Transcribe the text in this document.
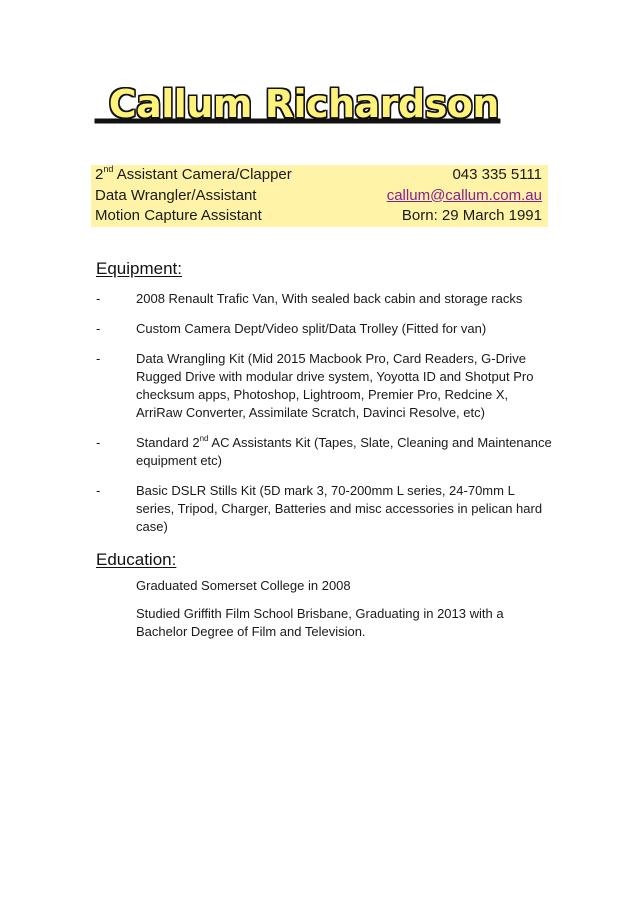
Callum Richardson
2nd Assistant Camera/Clapper	043 335 5111
Data Wrangler/Assistant	callum@callum.com.au
Motion Capture Assistant	Born: 29 March 1991
Equipment:
-	2008 Renault Trafic Van, With sealed back cabin and storage racks
-	Custom Camera Dept/Video split/Data Trolley (Fitted for van)
-	Data Wrangling Kit (Mid 2015 Macbook Pro, Card Readers, G-Drive Rugged Drive with modular drive system, Yoyotta ID and Shotput Pro checksum apps, Photoshop, Lightroom, Premier Pro, Redcine X, ArriRaw Converter, Assimilate Scratch, Davinci Resolve, etc)
-	Standard 2nd AC Assistants Kit (Tapes, Slate, Cleaning and Maintenance equipment etc)
-	Basic DSLR Stills Kit (5D mark 3, 70-200mm L series, 24-70mm L series, Tripod, Charger, Batteries and misc accessories in pelican hard case)
Education:

Graduated Somerset College in 2008

Studied Griffith Film School Brisbane, Graduating in 2013 with a Bachelor Degree of Film and Television.
